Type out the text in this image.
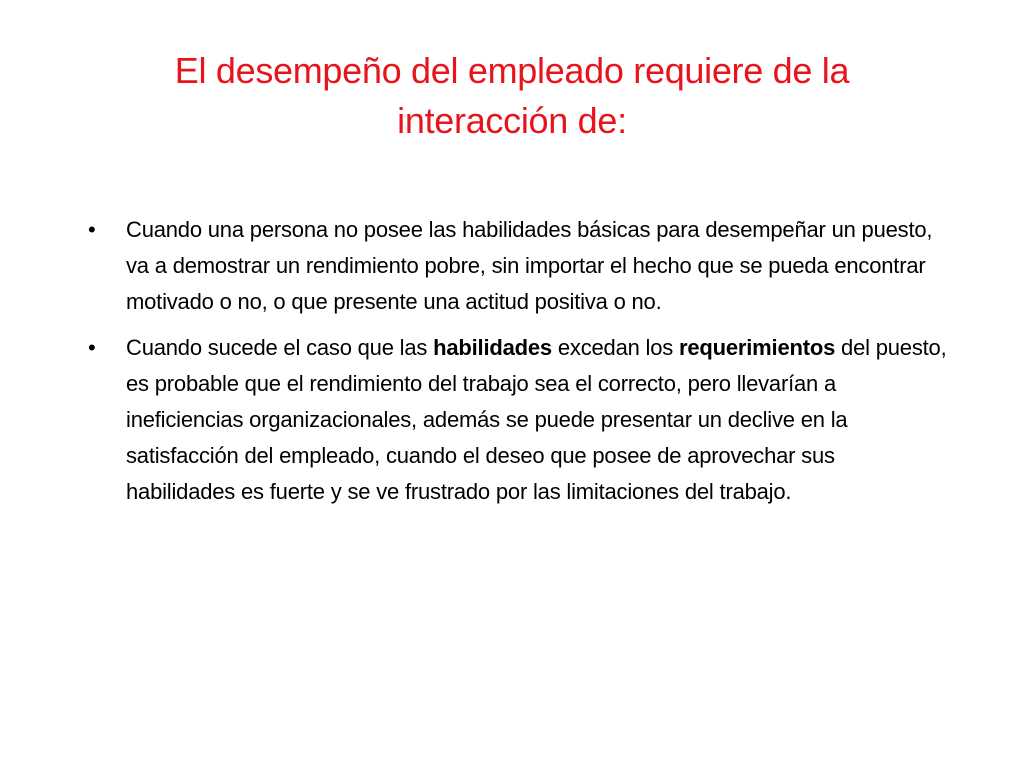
El desempeño del empleado requiere de la interacción de:
•	Cuando una persona no posee las habilidades básicas para desempeñar un puesto, va a demostrar un rendimiento pobre, sin importar el hecho que se pueda encontrar motivado o no, o que presente una actitud positiva o no.
•	Cuando sucede el caso que las habilidades excedan los requerimientos del puesto, es probable que el rendimiento del trabajo sea el correcto, pero llevarían a ineficiencias organizacionales, además se puede presentar un declive en la satisfacción del empleado, cuando el deseo que posee de aprovechar sus habilidades es fuerte y se ve frustrado por las limitaciones del trabajo.
